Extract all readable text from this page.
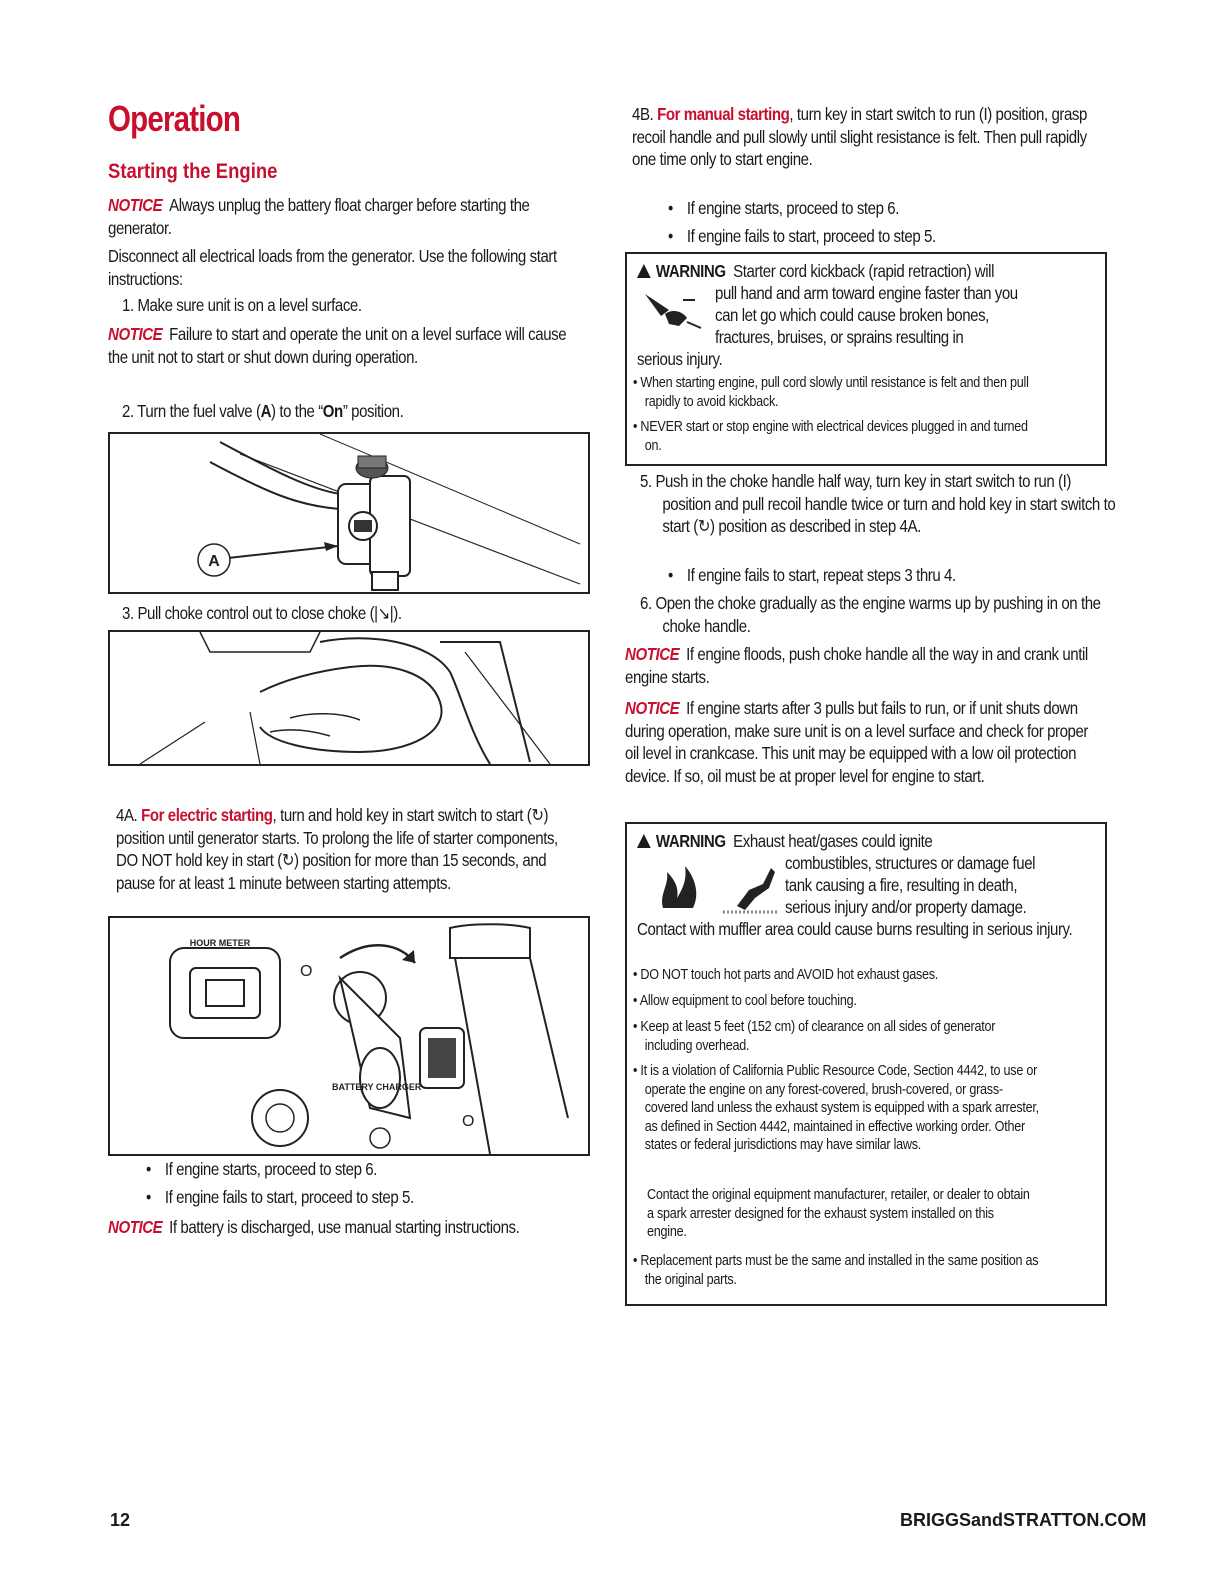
Operation
Starting the Engine
NOTICE Always unplug the battery float charger before starting the generator.
Disconnect all electrical loads from the generator. Use the following start instructions:
1. Make sure unit is on a level surface.
NOTICE Failure to start and operate the unit on a level surface will cause the unit not to start or shut down during operation.
2. Turn the fuel valve (A) to the “On” position.
A
3. Pull choke control out to close choke (|↘|).
4A. For electric starting, turn and hold key in start switch to start (↻) position until generator starts. To prolong the life of starter components, DO NOT hold key in start (↻) position for more than 15 seconds, and pause for at least 1 minute between starting attempts.
HOUR METER
O
BATTERY CHARGER
O
• If engine starts, proceed to step 6.
• If engine fails to start, proceed to step 5.
NOTICE If battery is discharged, use manual starting instructions.
4B. For manual starting, turn key in start switch to run (I) position, grasp recoil handle and pull slowly until slight resistance is felt. Then pull rapidly one time only to start engine.
• If engine starts, proceed to step 6.
• If engine fails to start, proceed to step 5.
WARNING Starter cord kickback (rapid retraction) will
pull hand and arm toward engine faster than you
can let go which could cause broken bones,
fractures, bruises, or sprains resulting in
serious injury.
• When starting engine, pull cord slowly until resistance is felt and then pull rapidly to avoid kickback.
• NEVER start or stop engine with electrical devices plugged in and turned on.
5. Push in the choke handle half way, turn key in start switch to run (I) position and pull recoil handle twice or turn and hold key in start switch to start (↻) position as described in step 4A.
• If engine fails to start, repeat steps 3 thru 4.
6. Open the choke gradually as the engine warms up by pushing in on the choke handle.
NOTICE If engine floods, push choke handle all the way in and crank until engine starts.
NOTICE If engine starts after 3 pulls but fails to run, or if unit shuts down during operation, make sure unit is on a level surface and check for proper oil level in crankcase. This unit may be equipped with a low oil protection device. If so, oil must be at proper level for engine to start.
WARNING Exhaust heat/gases could ignite
combustibles, structures or damage fuel
tank causing a fire, resulting in death,
serious injury and/or property damage.
Contact with muffler area could cause burns resulting in serious injury.
• DO NOT touch hot parts and AVOID hot exhaust gases.
• Allow equipment to cool before touching.
• Keep at least 5 feet (152 cm) of clearance on all sides of generator including overhead.
• It is a violation of California Public Resource Code, Section 4442, to use or operate the engine on any forest-covered, brush-covered, or grass-covered land unless the exhaust system is equipped with a spark arrester, as defined in Section 4442, maintained in effective working order. Other states or federal jurisdictions may have similar laws.
Contact the original equipment manufacturer, retailer, or dealer to obtain a spark arrester designed for the exhaust system installed on this engine.
• Replacement parts must be the same and installed in the same position as the original parts.
12	BRIGGSandSTRATTON.COM
